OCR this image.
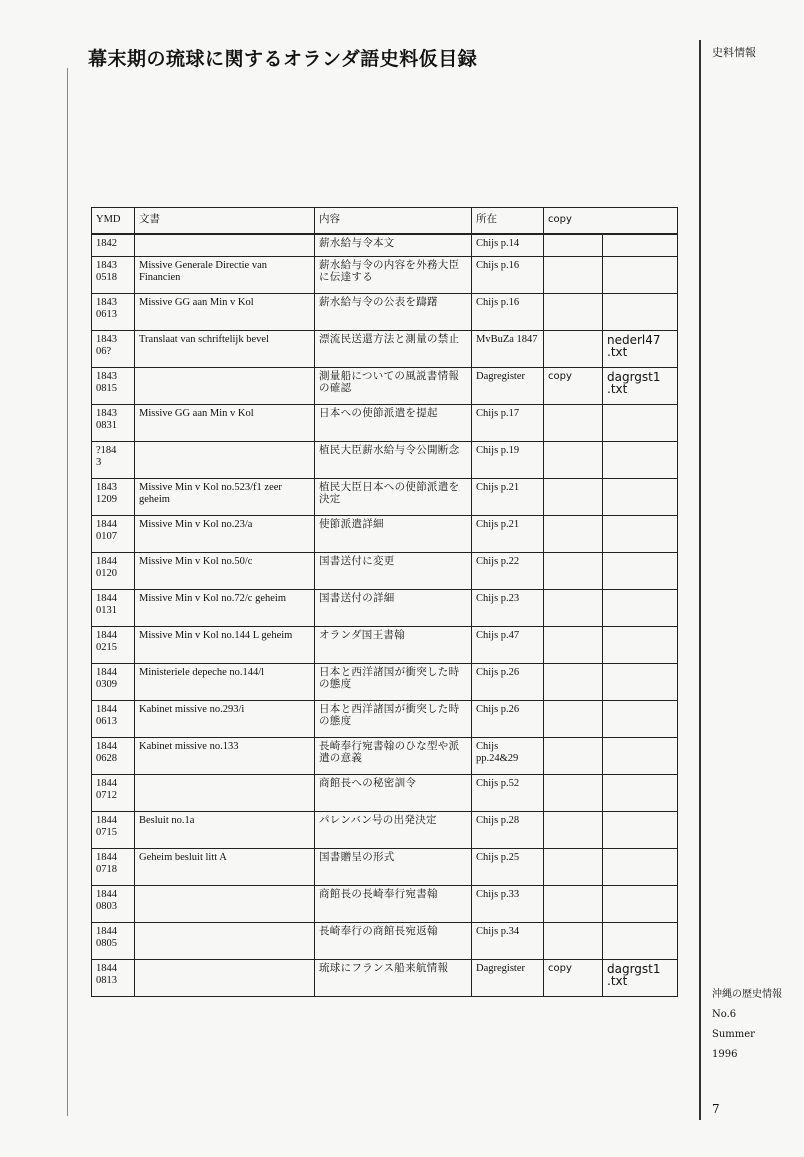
幕末期の琉球に関するオランダ語史料仮目録	史料情報
YMD	文書	内容	所在	copy	

1842		薪水給与令本文	Chijs p.14		

1843
0518	Missive Generale Directie van Financien	薪水給与令の内容を外務大臣に伝達する	Chijs p.16		

1843
0613	Missive GG aan Min v Kol	薪水給与令の公表を躊躇	Chijs p.16		

1843
06?	Translaat van schriftelijk bevel	漂流民送還方法と測量の禁止	MvBuZa 1847		nederl47 .txt

1843
0815		測量船についての風説書情報の確認	Dagregister	copy	dagrgst1 .txt

1843
0831	Missive GG aan Min v Kol	日本への使節派遣を提起	Chijs p.17		

?184
3		植民大臣薪水給与令公開断念	Chijs p.19		

1843
1209	Missive Min v Kol no.523/f1 zeer geheim	植民大臣日本への使節派遣を決定	Chijs p.21		

1844
0107	Missive Min v Kol no.23/a	使節派遣詳細	Chijs p.21		

1844
0120	Missive Min v Kol no.50/c	国書送付に変更	Chijs p.22		

1844
0131	Missive Min v Kol no.72/c geheim	国書送付の詳細	Chijs p.23		

1844
0215	Missive Min v Kol no.144 L geheim	オランダ国王書翰	Chijs p.47		

1844
0309	Ministeriele depeche no.144/l	日本と西洋諸国が衝突した時の態度	Chijs p.26		

1844
0613	Kabinet missive no.293/i	日本と西洋諸国が衝突した時の態度	Chijs p.26		

1844
0628	Kabinet missive no.133	長崎奉行宛書翰のひな型や派遣の意義	Chijs pp.24&29		

1844
0712		商館長への秘密訓令	Chijs p.52		

1844
0715	Besluit no.1a	パレンバン号の出発決定	Chijs p.28		

1844
0718	Geheim besluit litt A	国書贈呈の形式	Chijs p.25		

1844
0803		商館長の長崎奉行宛書翰	Chijs p.33		

1844
0805		長崎奉行の商館長宛返翰	Chijs p.34		

1844
0813		琉球にフランス船来航情報	Dagregister	copy	dagrgst1 .txt
沖縄の歴史情報
No.6
Summer
1996
7
